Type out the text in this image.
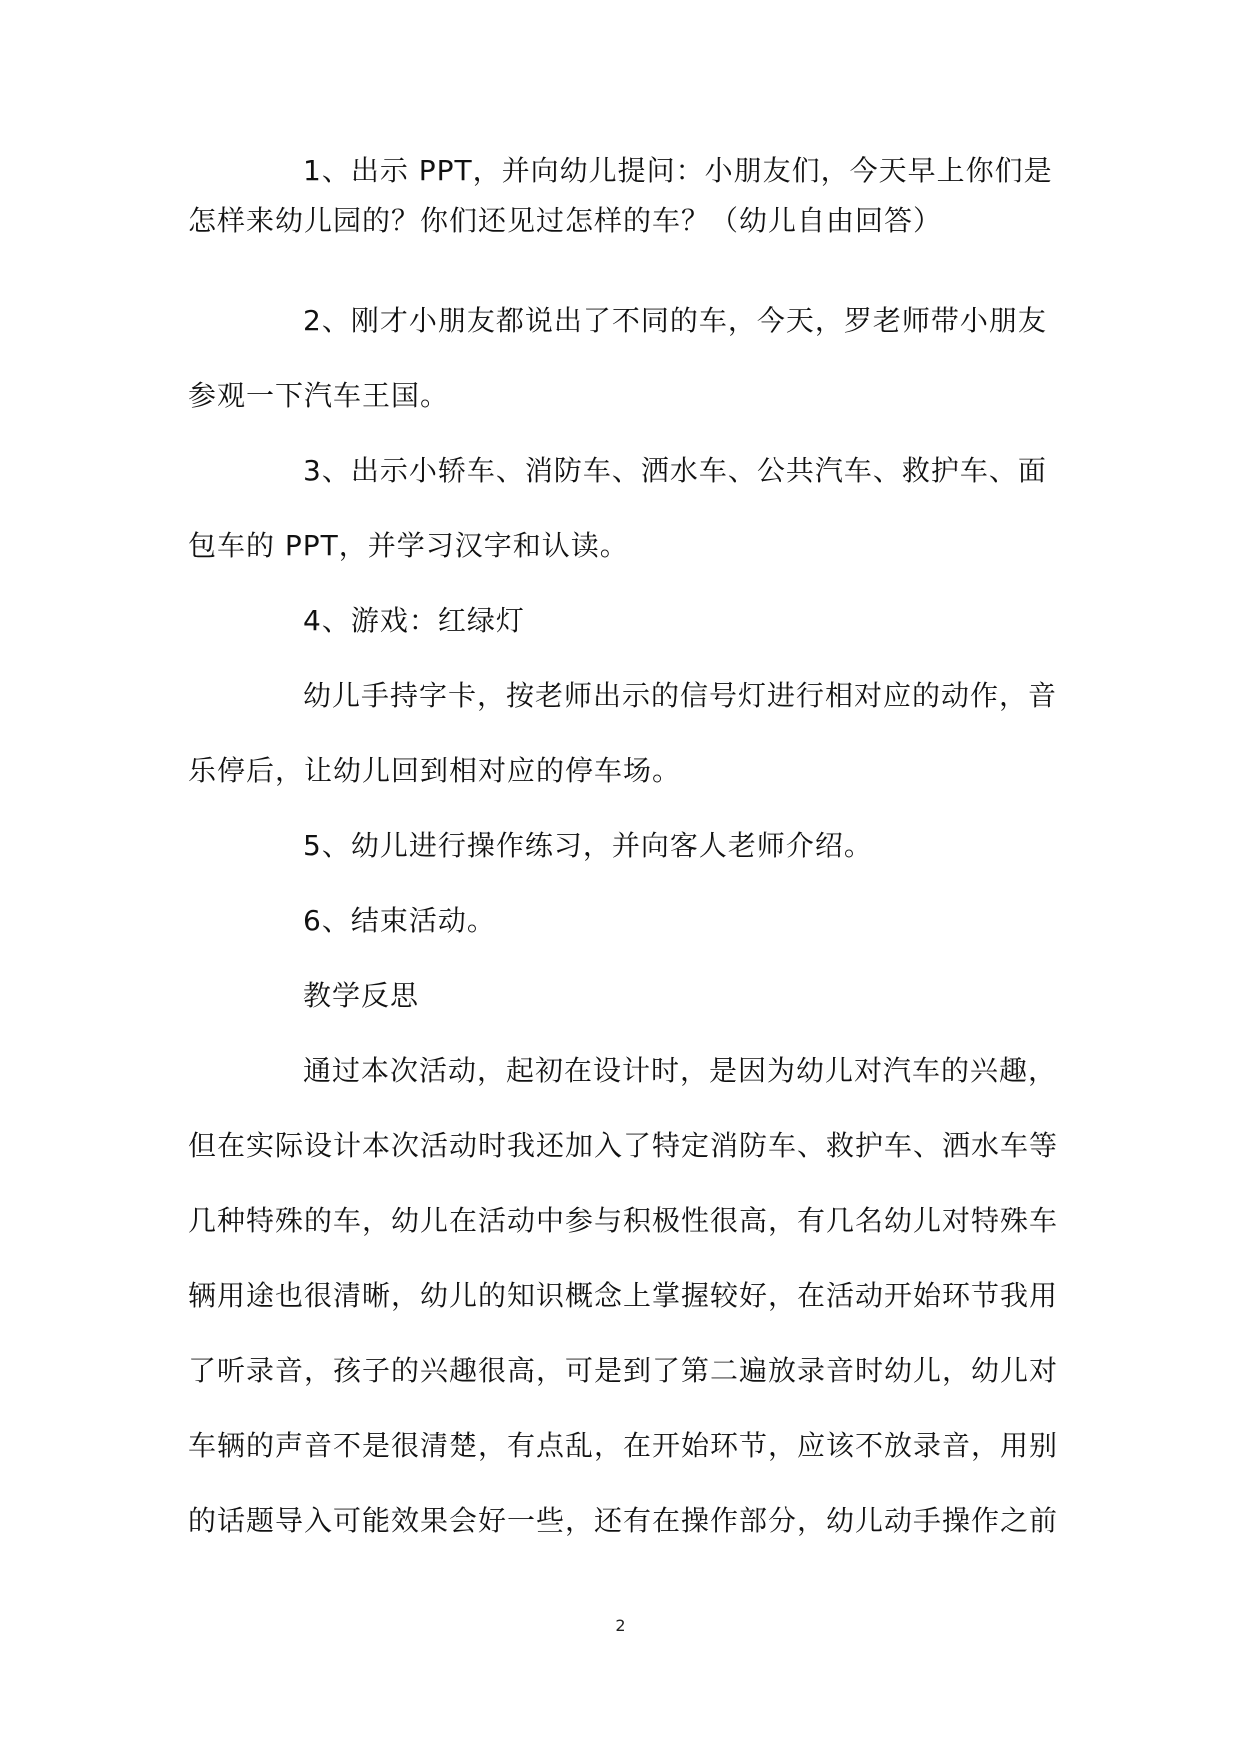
1、出示 PPT，并向幼儿提问：小朋友们，今天早上你们是
怎样来幼儿园的？你们还见过怎样的车？（幼儿自由回答）
2、刚才小朋友都说出了不同的车，今天，罗老师带小朋友
参观一下汽车王国。
3、出示小轿车、消防车、洒水车、公共汽车、救护车、面
包车的 PPT，并学习汉字和认读。
4、游戏：红绿灯
幼儿手持字卡，按老师出示的信号灯进行相对应的动作，音
乐停后，让幼儿回到相对应的停车场。
5、幼儿进行操作练习，并向客人老师介绍。
6、结束活动。
教学反思
通过本次活动，起初在设计时，是因为幼儿对汽车的兴趣，
但在实际设计本次活动时我还加入了特定消防车、救护车、洒水车等
几种特殊的车，幼儿在活动中参与积极性很高，有几名幼儿对特殊车
辆用途也很清晰，幼儿的知识概念上掌握较好，在活动开始环节我用
了听录音，孩子的兴趣很高，可是到了第二遍放录音时幼儿，幼儿对
车辆的声音不是很清楚，有点乱，在开始环节，应该不放录音，用别
的话题导入可能效果会好一些，还有在操作部分，幼儿动手操作之前
2
